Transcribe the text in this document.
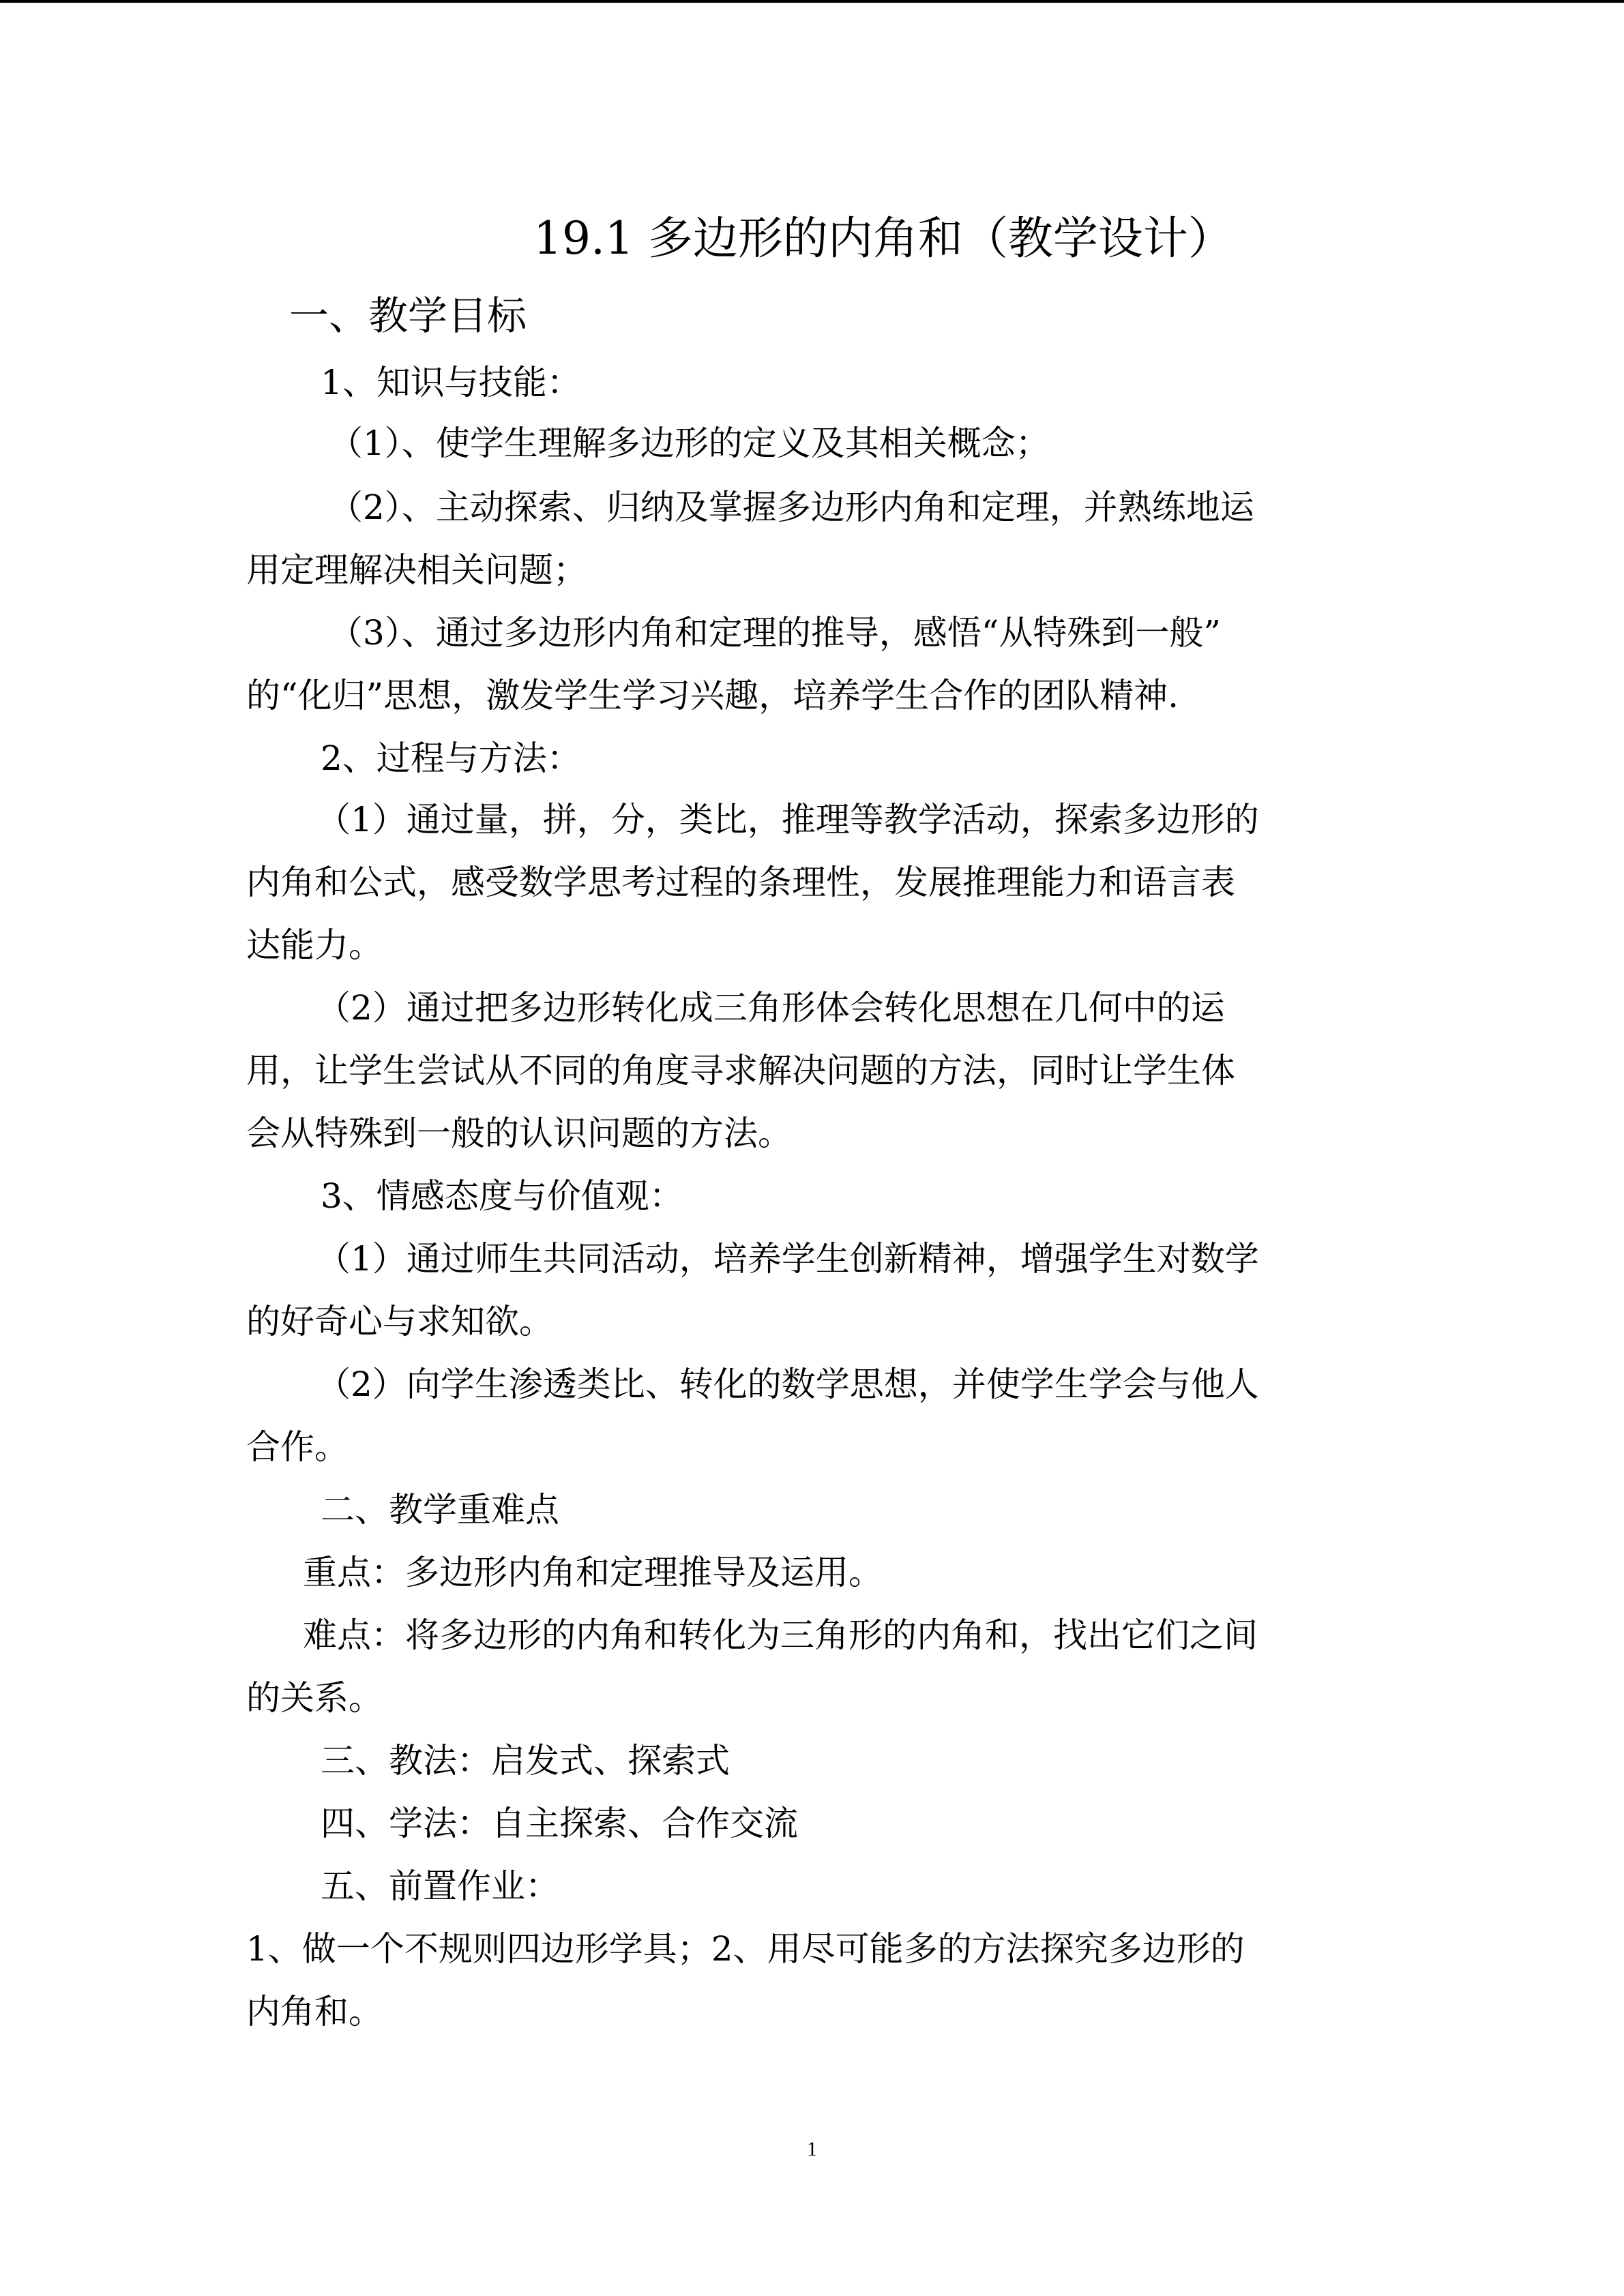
19.1 多边形的内角和（教学设计）
一、教学目标
1、知识与技能：
（1）、使学生理解多边形的定义及其相关概念；
（2）、主动探索、归纳及掌握多边形内角和定理，并熟练地运
用定理解决相关问题；
（3）、通过多边形内角和定理的推导，感悟“从特殊到一般”
的“化归”思想，激发学生学习兴趣，培养学生合作的团队精神.
2、过程与方法：
（1）通过量，拼，分，类比，推理等教学活动，探索多边形的
内角和公式，感受数学思考过程的条理性，发展推理能力和语言表
达能力。
（2）通过把多边形转化成三角形体会转化思想在几何中的运
用，让学生尝试从不同的角度寻求解决问题的方法，同时让学生体
会从特殊到一般的认识问题的方法。
3、情感态度与价值观：
（1）通过师生共同活动，培养学生创新精神，增强学生对数学
的好奇心与求知欲。
（2）向学生渗透类比、转化的数学思想，并使学生学会与他人
合作。
二、教学重难点
重点：多边形内角和定理推导及运用。
难点：将多边形的内角和转化为三角形的内角和，找出它们之间
的关系。
三、教法：启发式、探索式
四、学法：自主探索、合作交流
五、前置作业：
1、做一个不规则四边形学具；2、用尽可能多的方法探究多边形的
内角和。
1
